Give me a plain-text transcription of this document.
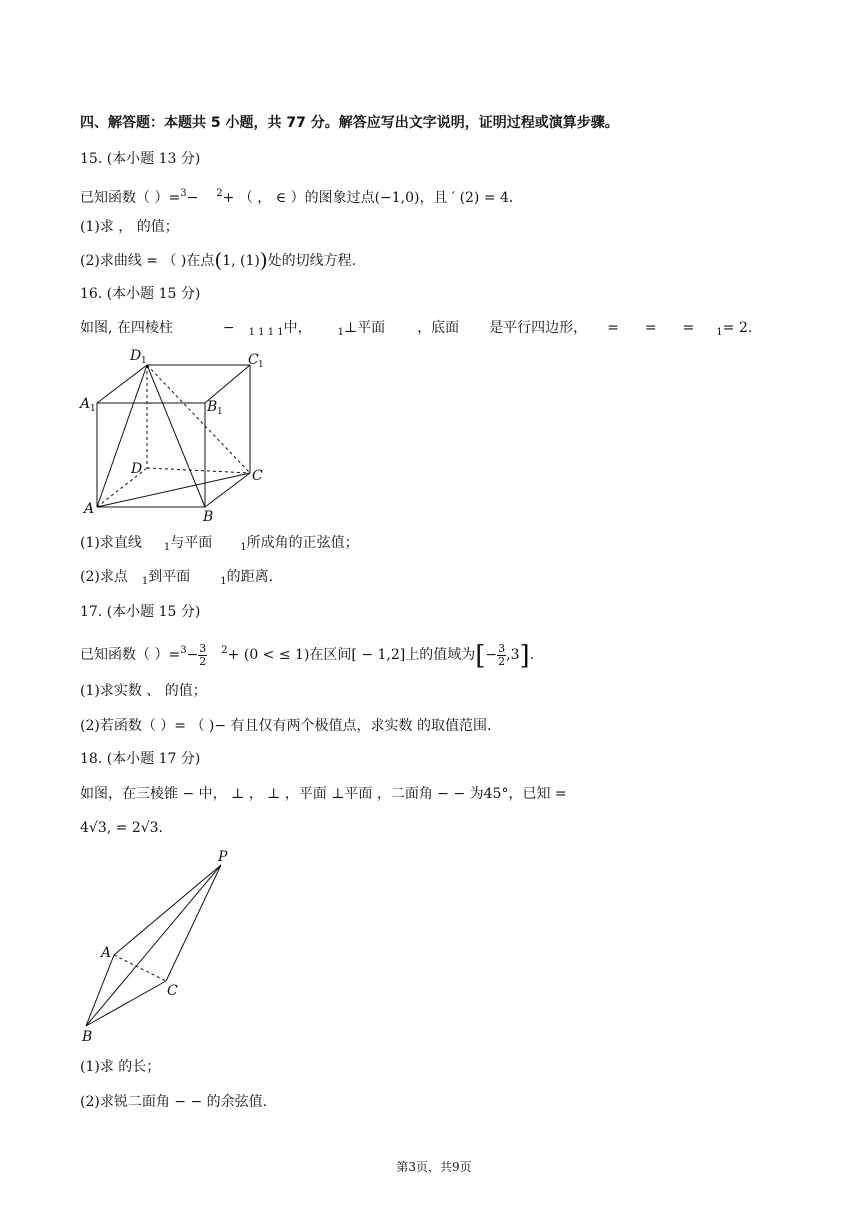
四、解答题：本题共 5 小题，共 77 分。解答应写出文字说明，证明过程或演算步骤。
15. (本小题 13 分)
已知函数（ ）=$^3$− $^2$+ （ ， ∈ ）的图象过点(−1,0)，且 ′ (2) = 4.
(1)求 ， 的值；
(2)求曲线 = （ )在点(1, (1))处的切线方程.
16. (本小题 15 分)
如图, 在四棱柱	− $_{1 1 1 1}$中，	$_1$⊥平面 ，底面 是平行四边形， = = = $_1$= 2.
D 1	C 1
A 1	B 1
D	C
A	B
(1)求直线 $_1$与平面	$_1$所成角的正弦值；
(2)求点 $_1$到平面	$_1$的距离.
17. (本小题 15 分)
已知函数（ ）$=^3- \frac{3}{2} ^2+ (0$ < ≤ 1)在区间[ − 1,2]上的值域为[− $\frac{3}{2} ,3$].
(1)求实数 、 的值；
(2)若函数（ ）= （ )− 有且仅有两个极值点，求实数 的取值范围.
18. (本小题 17 分)
如图，在三棱锥 − 中， ⊥ ， ⊥ ，平面 ⊥平面 ，二面角 − − 为45°，已知 =
4√3, = 2√3.
P
A
B
C
(1)求 的长；
(2)求锐二面角 − − 的余弦值.
第3页，共9页
